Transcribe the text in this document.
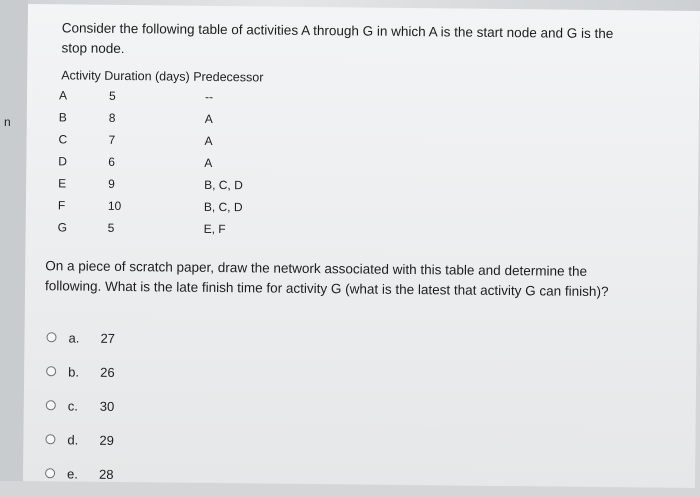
n
Consider the following table of activities A through G in which A is the start node and G is the
stop node.
Activity Duration (days) Predecessor
A	5	--
B	8	A
C	7	A
D	6	A
E	9	B, C, D
F	10	B, C, D
G	5	E, F
On a piece of scratch paper, draw the network associated with this table and determine the
following. What is the late finish time for activity G (what is the latest that activity G can finish)?
a.	27
b.	26
c.	30
d.	29
e.	28
